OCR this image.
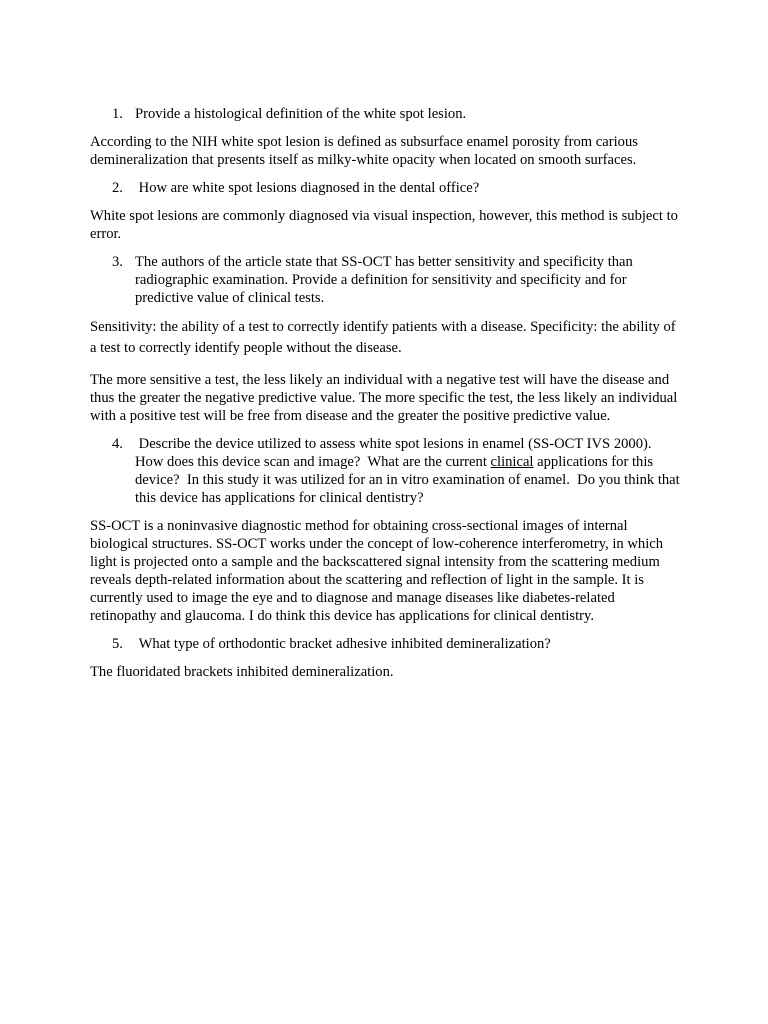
1. Provide a histological definition of the white spot lesion.

According to the NIH white spot lesion is defined as subsurface enamel porosity from carious demineralization that presents itself as milky-white opacity when located on smooth surfaces.

2. How are white spot lesions diagnosed in the dental office?

White spot lesions are commonly diagnosed via visual inspection, however, this method is subject to error.

3. The authors of the article state that SS-OCT has better sensitivity and specificity than radiographic examination. Provide a definition for sensitivity and specificity and for predictive value of clinical tests.

Sensitivity: the ability of a test to correctly identify patients with a disease. Specificity: the ability of a test to correctly identify people without the disease.

The more sensitive a test, the less likely an individual with a negative test will have the disease and thus the greater the negative predictive value. The more specific the test, the less likely an individual with a positive test will be free from disease and the greater the positive predictive value.

4. Describe the device utilized to assess white spot lesions in enamel (SS-OCT IVS 2000).  How does this device scan and image?  What are the current clinical applications for this device?  In this study it was utilized for an in vitro examination of enamel.  Do you think that this device has applications for clinical dentistry?

SS-OCT is a noninvasive diagnostic method for obtaining cross-sectional images of internal biological structures. SS-OCT works under the concept of low-coherence interferometry, in which light is projected onto a sample and the backscattered signal intensity from the scattering medium reveals depth-related information about the scattering and reflection of light in the sample. It is currently used to image the eye and to diagnose and manage diseases like diabetes-related retinopathy and glaucoma. I do think this device has applications for clinical dentistry.

5. What type of orthodontic bracket adhesive inhibited demineralization?

The fluoridated brackets inhibited demineralization.
